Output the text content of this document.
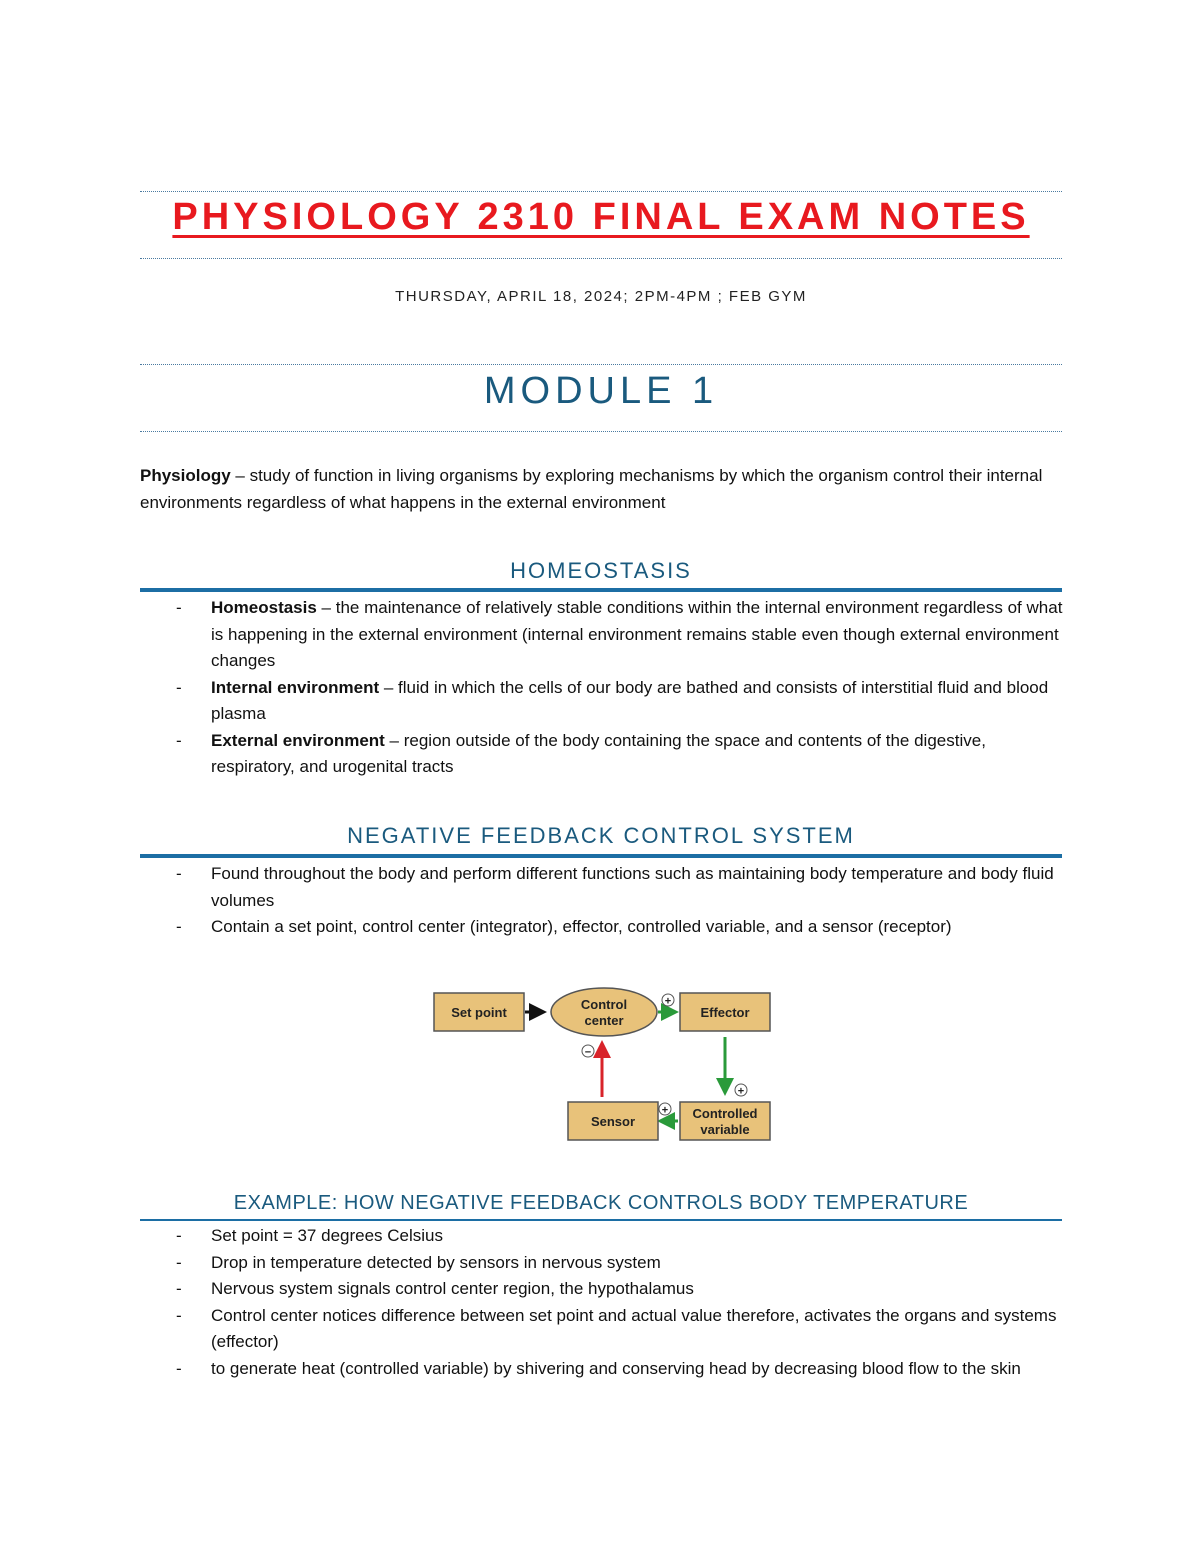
PHYSIOLOGY 2310 FINAL EXAM NOTES
THURSDAY, APRIL 18, 2024; 2PM-4PM ; FEB GYM
MODULE 1
Physiology – study of function in living organisms by exploring mechanisms by which the organism control their internal environments regardless of what happens in the external environment
HOMEOSTASIS
- Homeostasis – the maintenance of relatively stable conditions within the internal environment regardless of what is happening in the external environment (internal environment remains stable even though external environment changes
- Internal environment – fluid in which the cells of our body are bathed and consists of interstitial fluid and blood plasma
- External environment – region outside of the body containing the space and contents of the digestive, respiratory, and urogenital tracts
NEGATIVE FEEDBACK CONTROL SYSTEM
- Found throughout the body and perform different functions such as maintaining body temperature and body fluid volumes
- Contain a set point, control center (integrator), effector, controlled variable, and a sensor (receptor)
Set point
Control
center
+
Effector
+
Controlled
variable
+
Sensor
−
EXAMPLE: HOW NEGATIVE FEEDBACK CONTROLS BODY TEMPERATURE
- Set point = 37 degrees Celsius
- Drop in temperature detected by sensors in nervous system
- Nervous system signals control center region, the hypothalamus
- Control center notices difference between set point and actual value therefore, activates the organs and systems (effector)
- to generate heat (controlled variable) by shivering and conserving head by decreasing blood flow to the skin
